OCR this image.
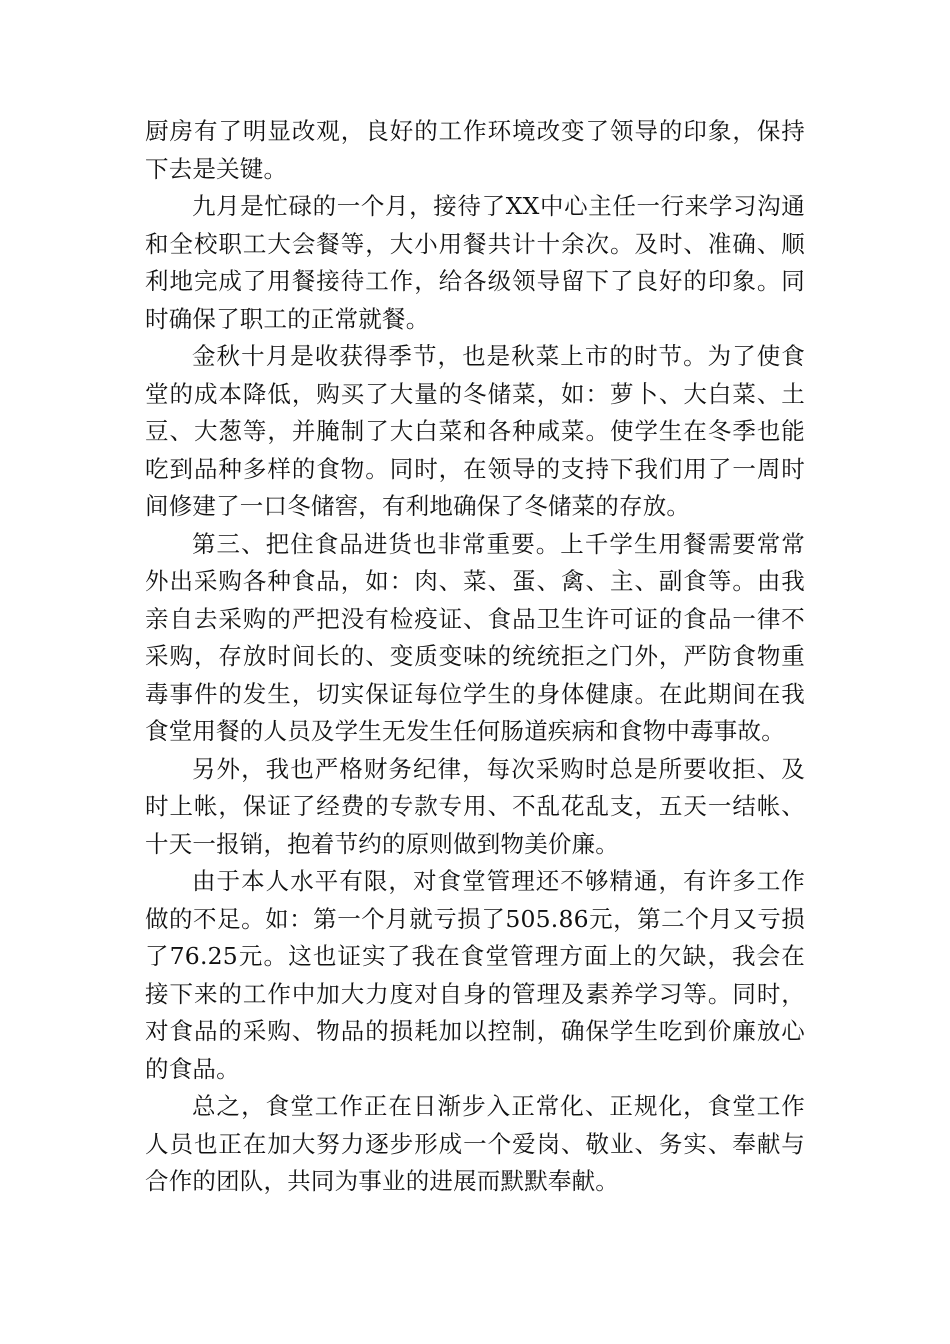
厨房有了明显改观，良好的工作环境改变了领导的印象，保持下去是关键。

九月是忙碌的一个月，接待了XX中心主任一行来学习沟通和全校职工大会餐等，大小用餐共计十余次。及时、准确、顺利地完成了用餐接待工作，给各级领导留下了良好的印象。同时确保了职工的正常就餐。

金秋十月是收获得季节，也是秋菜上市的时节。为了使食堂的成本降低，购买了大量的冬储菜，如：萝卜、大白菜、土豆、大葱等，并腌制了大白菜和各种咸菜。使学生在冬季也能吃到品种多样的食物。同时，在领导的支持下我们用了一周时间修建了一口冬储窖，有利地确保了冬储菜的存放。

第三、把住食品进货也非常重要。上千学生用餐需要常常外出采购各种食品，如：肉、菜、蛋、禽、主、副食等。由我亲自去采购的严把没有检疫证、食品卫生许可证的食品一律不采购，存放时间长的、变质变味的统统拒之门外，严防食物重毒事件的发生，切实保证每位学生的身体健康。在此期间在我食堂用餐的人员及学生无发生任何肠道疾病和食物中毒事故。

另外，我也严格财务纪律，每次采购时总是所要收拒、及时上帐，保证了经费的专款专用、不乱花乱支，五天一结帐、十天一报销，抱着节约的原则做到物美价廉。

由于本人水平有限，对食堂管理还不够精通，有许多工作做的不足。如：第一个月就亏损了505.86元，第二个月又亏损了76.25元。这也证实了我在食堂管理方面上的欠缺，我会在接下来的工作中加大力度对自身的管理及素养学习等。同时，对食品的采购、物品的损耗加以控制，确保学生吃到价廉放心的食品。

总之，食堂工作正在日渐步入正常化、正规化，食堂工作人员也正在加大努力逐步形成一个爱岗、敬业、务实、奉献与合作的团队，共同为事业的进展而默默奉献。
